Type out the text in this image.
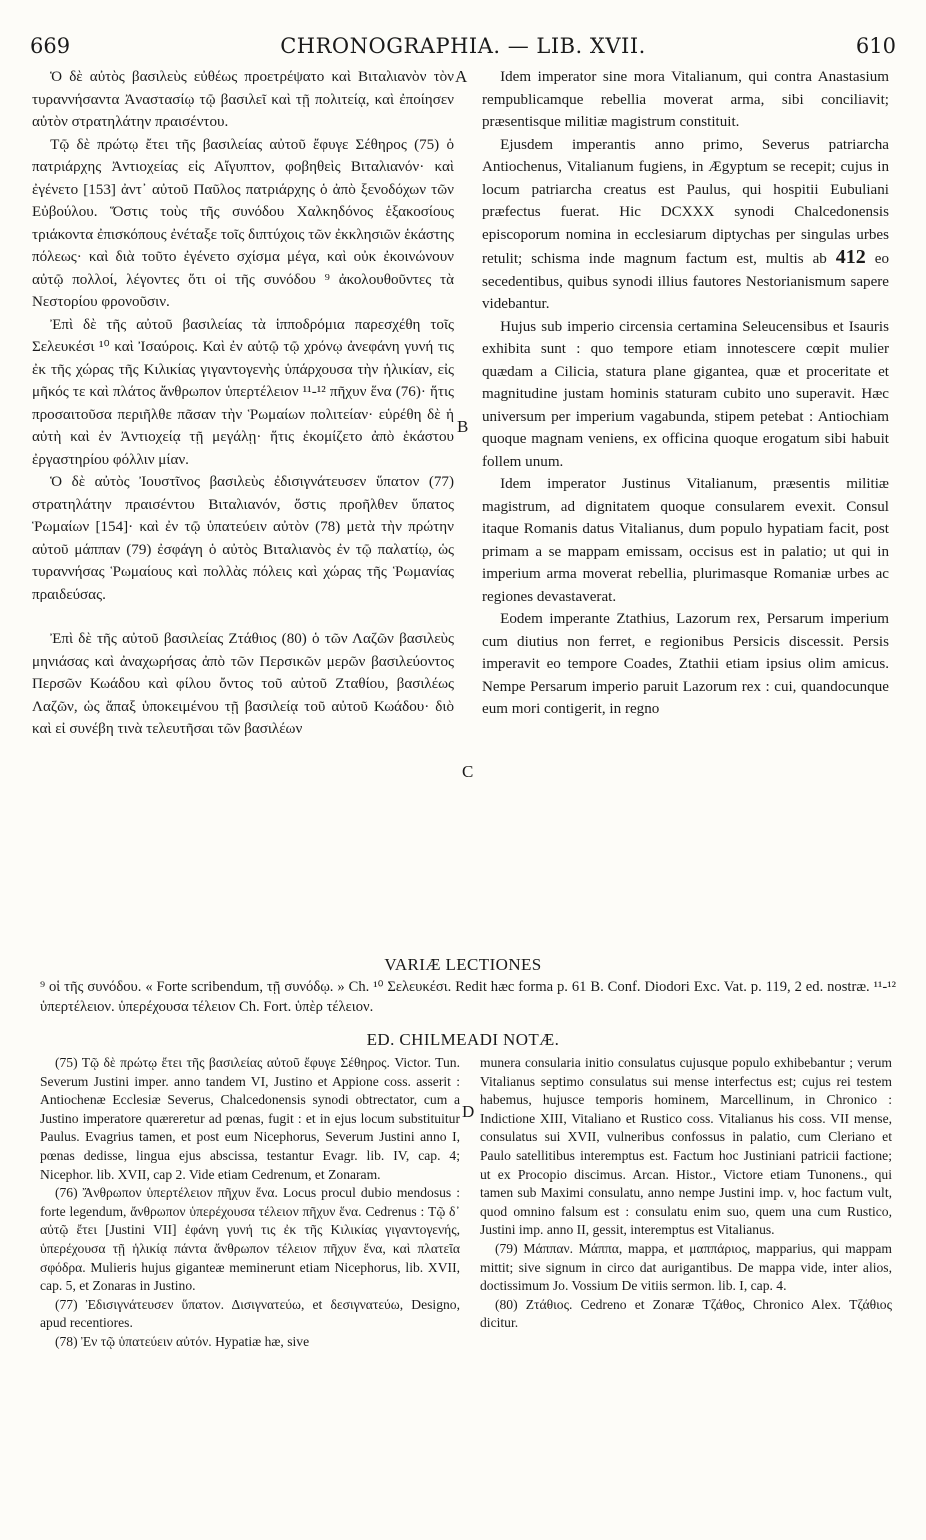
669	CHRONOGRAPHIA. — LIB. XVII.	610

Ὁ δὲ αὐτὸς βασιλεὺς εὐθέως προετρέψατο καὶ Βιταλιανὸν τὸν τυραννήσαντα Ἀναστασίῳ τῷ βασιλεῖ καὶ τῇ πολιτείᾳ, καὶ ἐποίησεν αὐτὸν στρατηλάτην πραισέντου.

Τῷ δὲ πρώτῳ ἔτει τῆς βασιλείας αὐτοῦ ἔφυγε Σέθηρος (75) ὁ πατριάρχης Ἀντιοχείας εἰς Αἴγυπτον, φοβηθεὶς Βιταλιανόν· καὶ ἐγένετο [153] ἀντ᾽ αὐτοῦ Παῦλος πατριάρχης ὁ ἀπὸ ξενοδόχων τῶν Εὐβούλου. Ὅστις τοὺς τῆς συνόδου Χαλκηδόνος ἑξακοσίους τριάκοντα ἐπισκόπους ἐνέταξε τοῖς διπτύχοις τῶν ἐκκλησιῶν ἑκάστης πόλεως· καὶ διὰ τοῦτο ἐγένετο σχίσμα μέγα, καὶ οὐκ ἐκοινώνουν αὐτῷ πολλοί, λέγοντες ὅτι οἱ τῆς συνόδου ⁹ ἀκολουθοῦντες τὰ Νεστορίου φρονοῦσιν.

Ἐπὶ δὲ τῆς αὐτοῦ βασιλείας τὰ ἱπποδρόμια παρεσχέθη τοῖς Σελευκέσι ¹⁰ καὶ Ἰσαύροις. Καὶ ἐν αὐτῷ τῷ χρόνῳ ἀνεφάνη γυνή τις ἐκ τῆς χώρας τῆς Κιλικίας γιγαντογενὴς ὑπάρχουσα τὴν ἡλικίαν, εἰς μῆκός τε καὶ πλάτος ἄνθρωπον ὑπερτέλειον ¹¹-¹² πῆχυν ἕνα (76)· ἥτις προσαιτοῦσα περιῆλθε πᾶσαν τὴν Ῥωμαίων πολιτείαν· εὑρέθη δὲ ἡ αὐτὴ καὶ ἐν Ἀντιοχείᾳ τῇ μεγάλῃ· ἥτις ἐκομίζετο ἀπὸ ἑκάστου ἐργαστηρίου φόλλιν μίαν.

Ὁ δὲ αὐτὸς Ἰουστῖνος βασιλεὺς ἐδισιγνάτευσεν ὕπατον (77) στρατηλάτην πραισέντου Βιταλιανόν, ὅστις προῆλθεν ὕπατος Ῥωμαίων [154]· καὶ ἐν τῷ ὑπατεύειν αὐτὸν (78) μετὰ τὴν πρώτην αὐτοῦ μάππαν (79) ἐσφάγη ὁ αὐτὸς Βιταλιανὸς ἐν τῷ παλατίῳ, ὡς τυραννήσας Ῥωμαίους καὶ πολλὰς πόλεις καὶ χώρας τῆς Ῥωμανίας πραιδεύσας.

Ἐπὶ δὲ τῆς αὐτοῦ βασιλείας Ζτάθιος (80) ὁ τῶν Λαζῶν βασιλεὺς μηνιάσας καὶ ἀναχωρήσας ἀπὸ τῶν Περσικῶν μερῶν βασιλεύοντος Περσῶν Κωάδου καὶ φίλου ὄντος τοῦ αὐτοῦ Ζταθίου, βασιλέως Λαζῶν, ὡς ἅπαξ ὑποκειμένου τῇ βασιλείᾳ τοῦ αὐτοῦ Κωάδου· διὸ καὶ εἰ συνέβη τινὰ τελευτῆσαι τῶν βασιλέων

A
B
C
D

Idem imperator sine mora Vitalianum, qui contra Anastasium rempublicamque rebellia moverat arma, sibi conciliavit; præsentisque militiæ magistrum constituit.

Ejusdem imperantis anno primo, Severus patriarcha Antiochenus, Vitalianum fugiens, in Ægyptum se recepit; cujus in locum patriarcha creatus est Paulus, qui hospitii Eubuliani præfectus fuerat. Hic DCXXX synodi Chalcedonensis episcoporum nomina in ecclesiarum diptychas per singulas urbes retulit; schisma inde magnum factum est, multis ab 412 eo secedentibus, quibus synodi illius fautores Nestorianismum sapere videbantur.

Hujus sub imperio circensia certamina Seleucensibus et Isauris exhibita sunt : quo tempore etiam innotescere cœpit mulier quædam a Cilicia, statura plane gigantea, quæ et proceritate et magnitudine justam hominis staturam cubito uno superavit. Hæc universum per imperium vagabunda, stipem petebat : Antiochiam quoque magnam veniens, ex officina quoque erogatum sibi habuit follem unum.

Idem imperator Justinus Vitalianum, præsentis militiæ magistrum, ad dignitatem quoque consularem evexit. Consul itaque Romanis datus Vitalianus, dum populo hypatiam facit, post primam a se mappam emissam, occisus est in palatio; ut qui in imperium arma moverat rebellia, plurimasque Romaniæ urbes ac regiones devastaverat.

Eodem imperante Ztathius, Lazorum rex, Persarum imperium cum diutius non ferret, e regionibus Persicis discessit. Persis imperavit eo tempore Coades, Ztathii etiam ipsius olim amicus. Nempe Persarum imperio paruit Lazorum rex : cui, quandocunque eum mori contigerit, in regno

VARIÆ LECTIONES
⁹ οἱ τῆς συνόδου. « Forte scribendum, τῇ συνόδῳ. » Ch. ¹⁰ Σελευκέσι. Redit hæc forma p. 61 B. Conf. Diodori Exc. Vat. p. 119, 2 ed. nostræ. ¹¹-¹² ὑπερτέλειον. ὑπερέχουσα τέλειον Ch. Fort. ὑπὲρ τέλειον.
ED. CHILMEADI NOTÆ.

(75) Τῷ δὲ πρώτῳ ἔτει τῆς βασιλείας αὐτοῦ ἔφυγε Σέθηρος. Victor. Tun. Severum Justini imper. anno tandem VI, Justino et Appione coss. asserit : Antiochenæ Ecclesiæ Severus, Chalcedonensis synodi obtrectator, cum a Justino imperatore quæreretur ad pœnas, fugit : et in ejus locum substituitur Paulus. Evagrius tamen, et post eum Nicephorus, Severum Justini anno I, pœnas dedisse, lingua ejus abscissa, testantur Evagr. lib. IV, cap. 4; Nicephor. lib. XVII, cap 2. Vide etiam Cedrenum, et Zonaram.

(76) Ἄνθρωπον ὑπερτέλειον πῆχυν ἕνα. Locus procul dubio mendosus : forte legendum, ἄνθρωπον ὑπερέχουσα τέλειον πῆχυν ἕνα. Cedrenus : Τῷ δ᾽ αὐτῷ ἔτει [Justini VII] ἐφάνη γυνή τις ἐκ τῆς Κιλικίας γιγαντογενής, ὑπερέχουσα τῇ ἡλικίᾳ πάντα ἄνθρωπον τέλειον πῆχυν ἕνα, καὶ πλατεῖα σφόδρα. Mulieris hujus giganteæ meminerunt etiam Nicephorus, lib. XVII, cap. 5, et Zonaras in Justino.

(77) Ἐδισιγνάτευσεν ὕπατον. Δισιγνατεύω, et δεσιγνατεύω, Designo, apud recentiores.

(78) Ἐν τῷ ὑπατεύειν αὐτόν. Hypatiæ hæ, sive

munera consularia initio consulatus cujusque populo exhibebantur ; verum Vitalianus septimo consulatus sui mense interfectus est; cujus rei testem habemus, hujusce temporis hominem, Marcellinum, in Chronico : Indictione XIII, Vitaliano et Rustico coss. Vitalianus his coss. VII mense, consulatus sui XVII, vulneribus confossus in palatio, cum Cleriano et Paulo satellitibus interemptus est. Factum hoc Justiniani patricii factione; ut ex Procopio discimus. Arcan. Histor., Victore etiam Tunonens., qui tamen sub Maximi consulatu, anno nempe Justini imp. v, hoc factum vult, quod omnino falsum est : consulatu enim suo, quem una cum Rustico, Justini imp. anno II, gessit, interemptus est Vitalianus.

(79) Μάππαν. Μάππα, mappa, et μαππάριος, mapparius, qui mappam mittit; sive signum in circo dat aurigantibus. De mappa vide, inter alios, doctissimum Jo. Vossium De vitiis sermon. lib. I, cap. 4.

(80) Ζτάθιος. Cedreno et Zonaræ Τζάθος, Chronico Alex. Τζάθιος dicitur.
